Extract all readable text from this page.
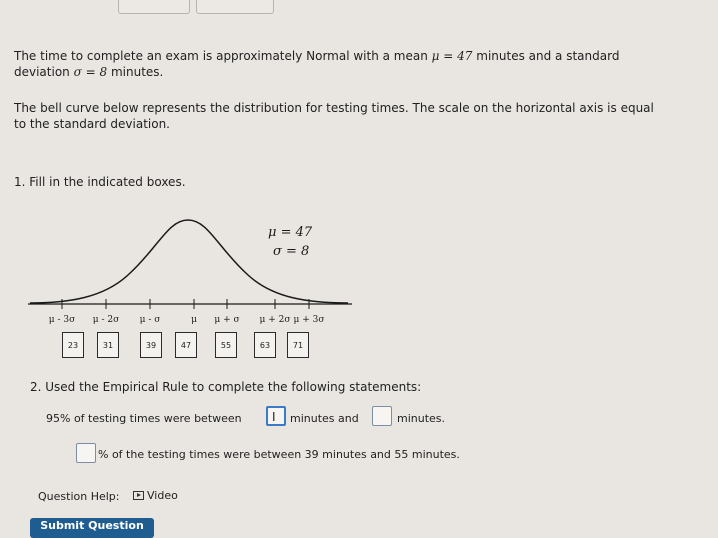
The time to complete an exam is approximately Normal with a mean μ = 47 minutes and a standard

deviation σ = 8 minutes.

The bell curve below represents the distribution for testing times. The scale on the horizontal axis is equal

to the standard deviation.

1. Fill in the indicated boxes.

μ - 3σ μ - 2σ μ - σ	μ μ + σ μ + 2σ μ + 3σ
μ = 47
σ = 8
23	31	39	47	55	63	71

2. Used the Empirical Rule to complete the following statements:

95% of testing times were between	I minutes and	minutes.

% of the testing times were between 39 minutes and 55 minutes.

Question Help:	Video
Submit Question
